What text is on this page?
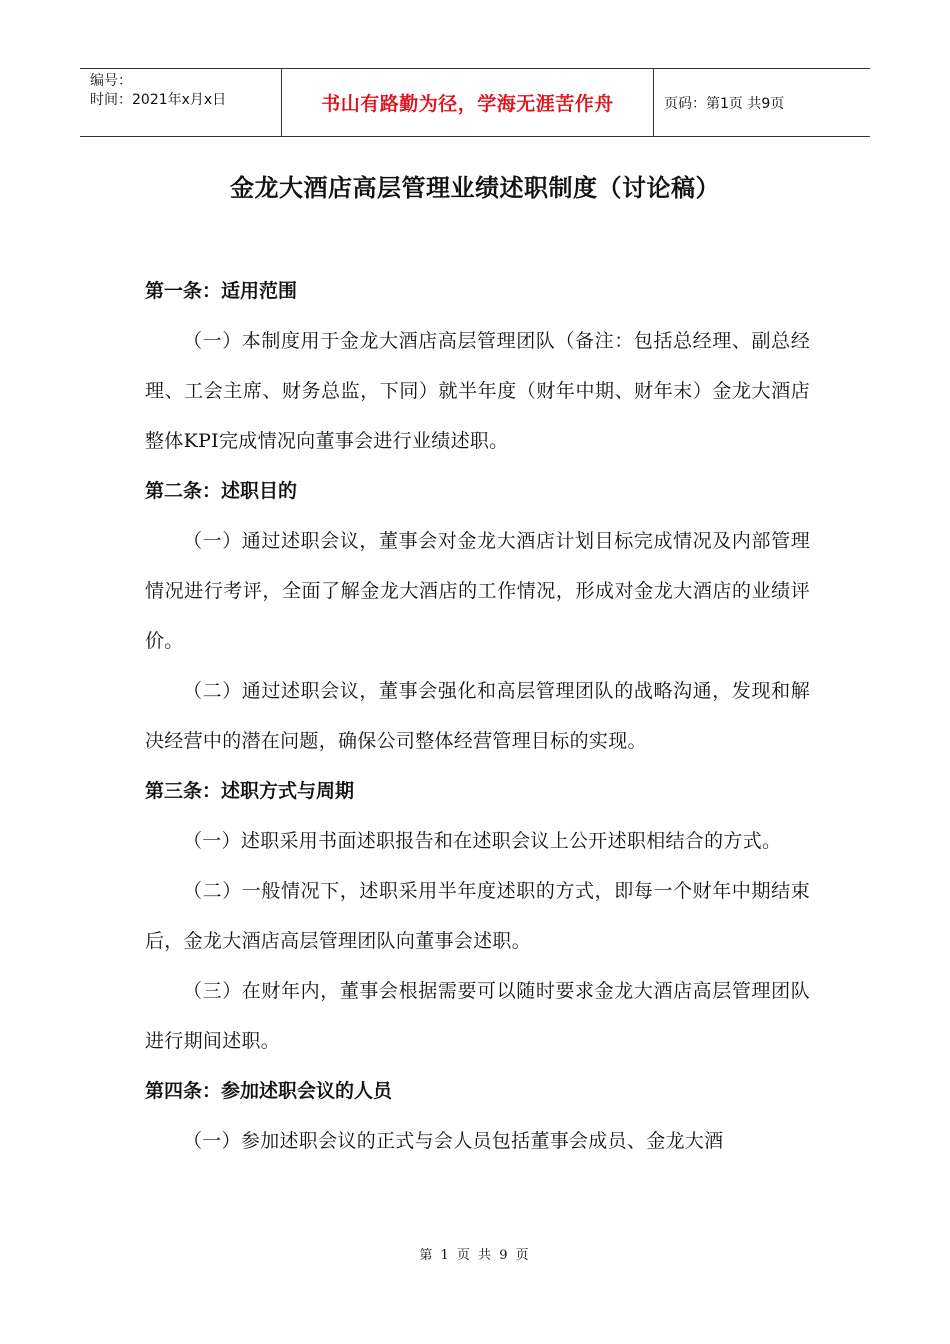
编号：
时间：2021年x月x日	书山有路勤为径，学海无涯苦作舟	页码：第1页 共9页
金龙大酒店高层管理业绩述职制度（讨论稿）

第一条：适用范围

（一）本制度用于金龙大酒店高层管理团队（备注：包括总经理、副总经理、工会主席、财务总监，下同）就半年度（财年中期、财年末）金龙大酒店整体KPI完成情况向董事会进行业绩述职。

第二条：述职目的

（一）通过述职会议，董事会对金龙大酒店计划目标完成情况及内部管理情况进行考评，全面了解金龙大酒店的工作情况，形成对金龙大酒店的业绩评价。

（二）通过述职会议，董事会强化和高层管理团队的战略沟通，发现和解决经营中的潜在问题，确保公司整体经营管理目标的实现。

第三条：述职方式与周期

（一）述职采用书面述职报告和在述职会议上公开述职相结合的方式。

（二）一般情况下，述职采用半年度述职的方式，即每一个财年中期结束后，金龙大酒店高层管理团队向董事会述职。

（三）在财年内，董事会根据需要可以随时要求金龙大酒店高层管理团队进行期间述职。

第四条：参加述职会议的人员

（一）参加述职会议的正式与会人员包括董事会成员、金龙大酒

第 1 页 共 9 页
